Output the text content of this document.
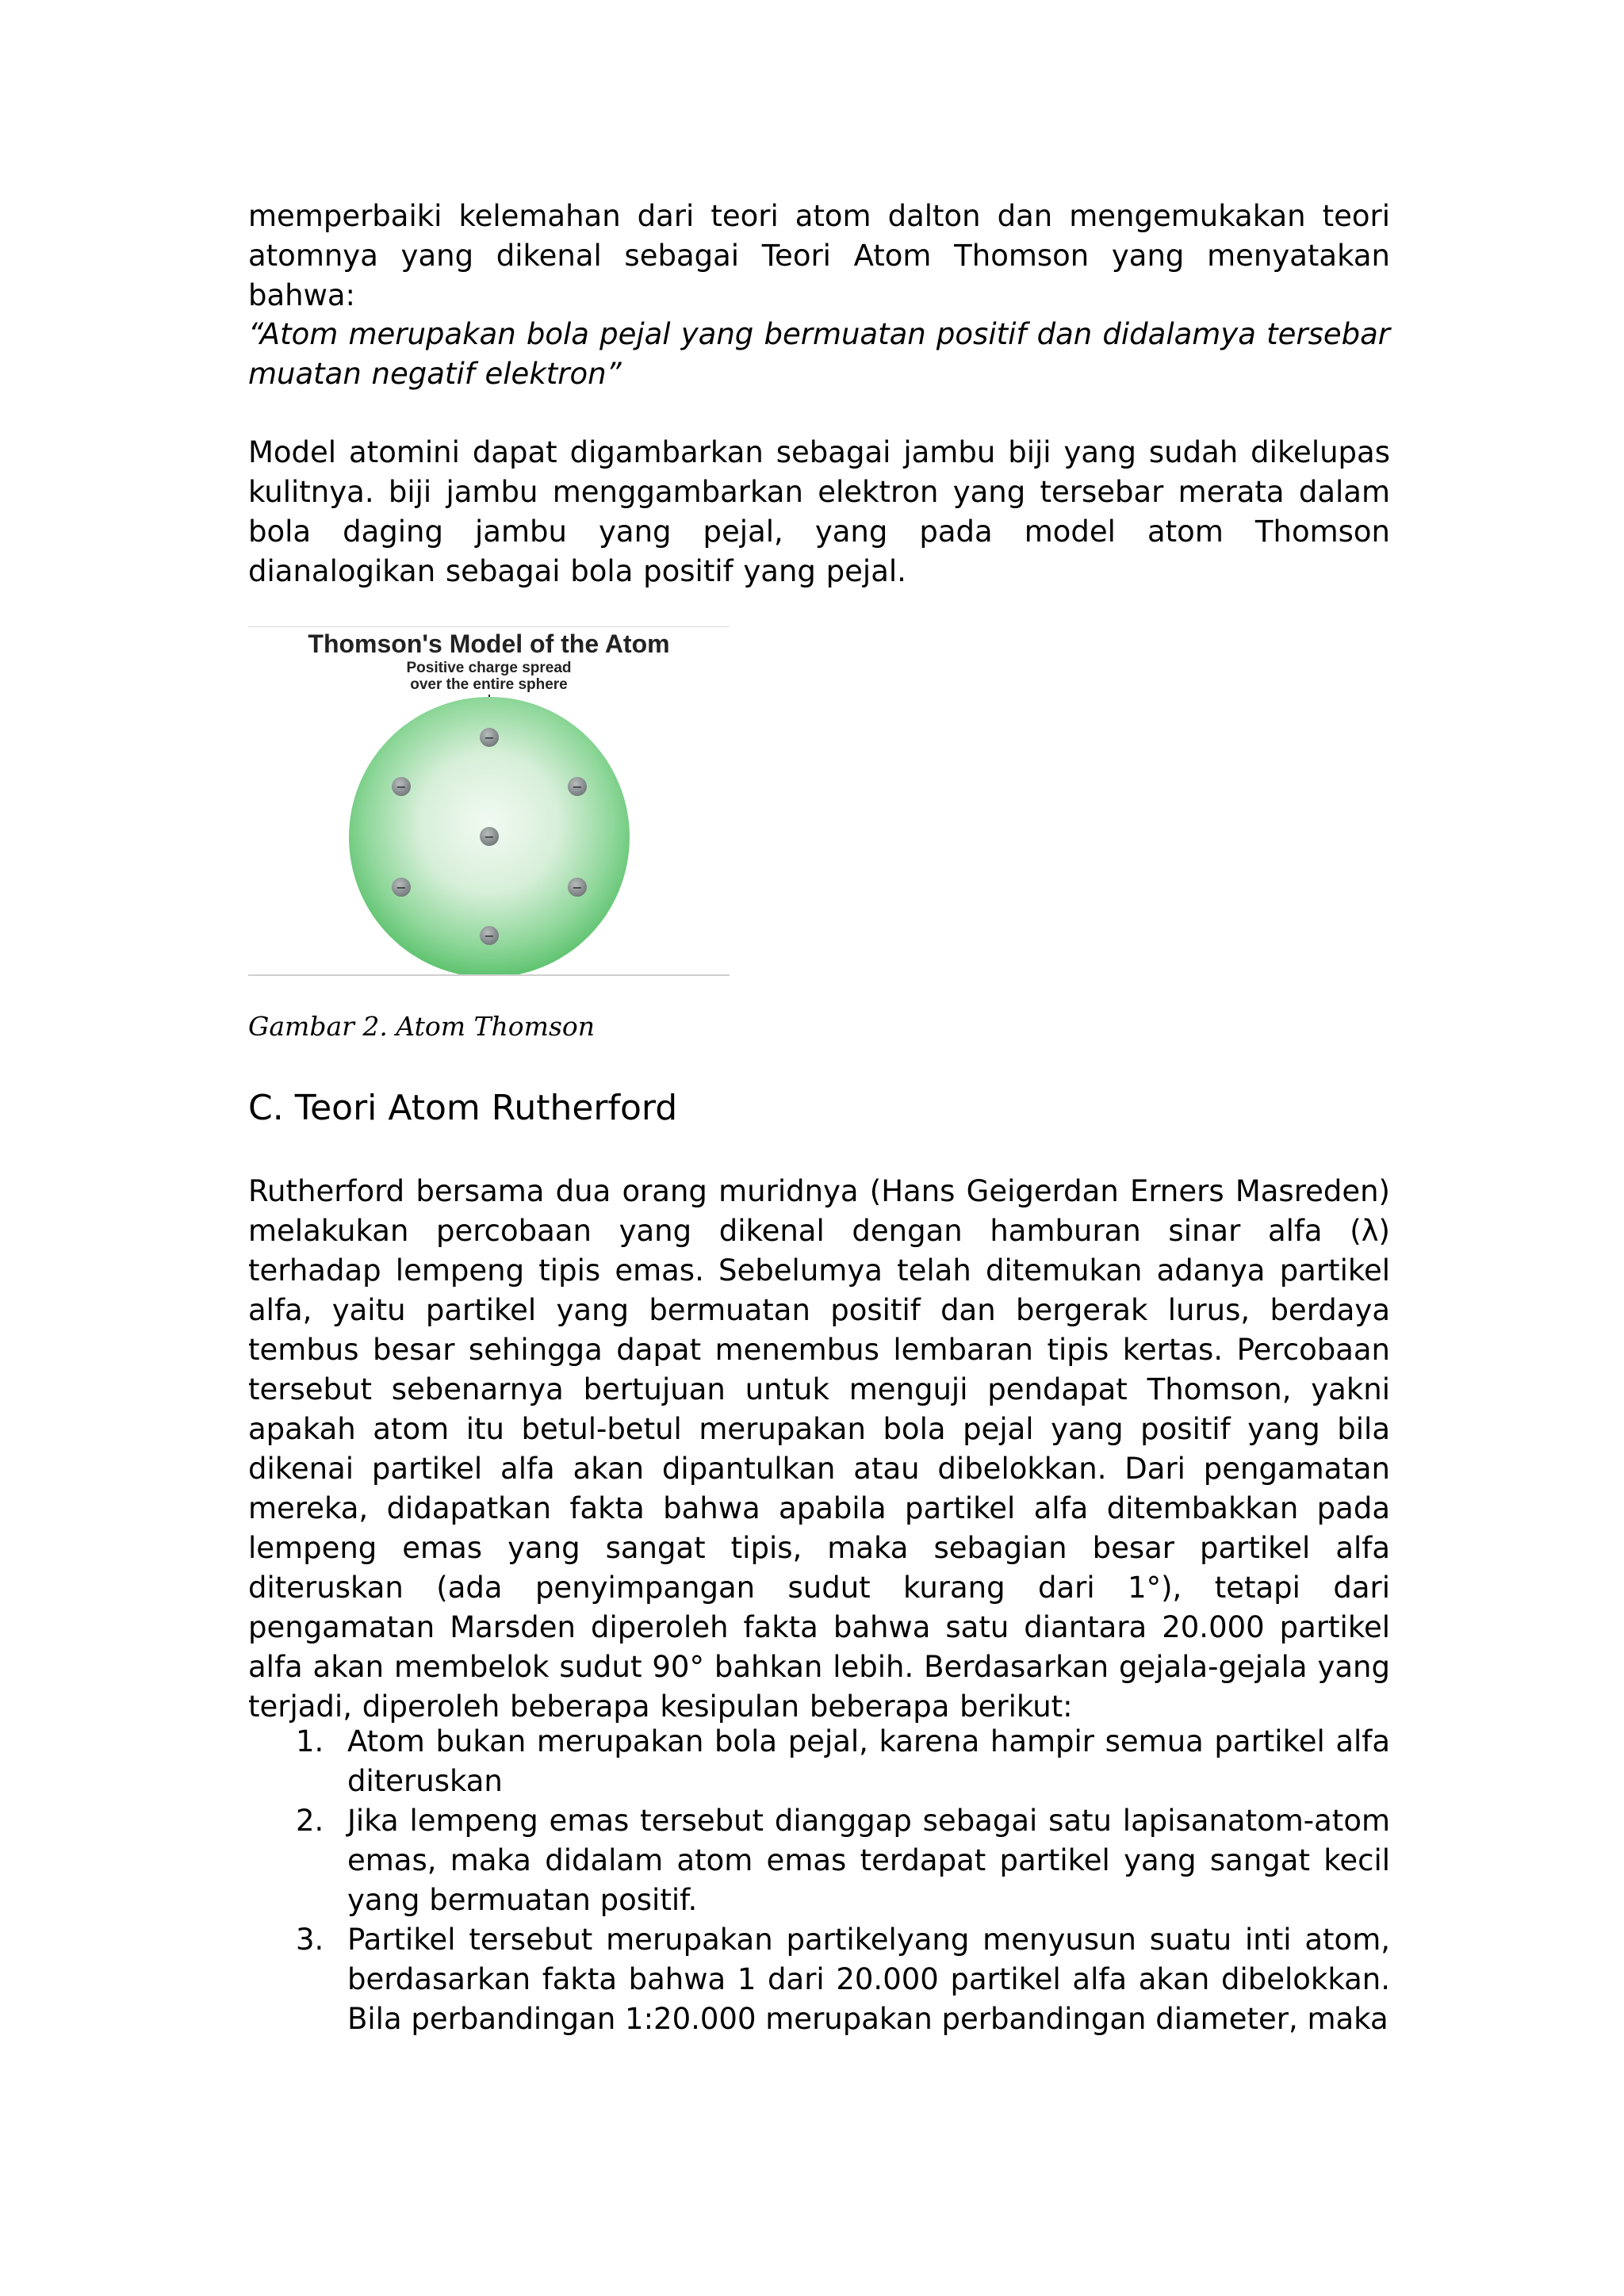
memperbaiki kelemahan dari teori atom dalton dan mengemukakan teori atomnya yang dikenal sebagai Teori Atom Thomson yang menyatakan bahwa:

“Atom merupakan bola pejal yang bermuatan positif dan didalamya tersebar muatan negatif elektron”

Model atomini dapat digambarkan sebagai jambu biji yang sudah dikelupas kulitnya. biji jambu menggambarkan elektron yang tersebar merata dalam bola daging jambu yang pejal, yang pada model atom Thomson dianalogikan sebagai bola positif yang pejal.

Thomson's Model of the Atom
Positive charge spread
over the entire sphere
−
−	−
−
−	−
−
Gambar 2. Atom Thomson
C. Teori Atom Rutherford

Rutherford bersama dua orang muridnya (Hans Geigerdan Erners Masreden) melakukan percobaan yang dikenal dengan hamburan sinar alfa (λ) terhadap lempeng tipis emas. Sebelumya telah ditemukan adanya partikel alfa, yaitu partikel yang bermuatan positif dan bergerak lurus, berdaya tembus besar sehingga dapat menembus lembaran tipis kertas. Percobaan tersebut sebenarnya bertujuan untuk menguji pendapat Thomson, yakni apakah atom itu betul-betul merupakan bola pejal yang positif yang bila dikenai partikel alfa akan dipantulkan atau dibelokkan. Dari pengamatan mereka, didapatkan fakta bahwa apabila partikel alfa ditembakkan pada lempeng emas yang sangat tipis, maka sebagian besar partikel alfa diteruskan (ada penyimpangan sudut kurang dari 1°), tetapi dari pengamatan Marsden diperoleh fakta bahwa satu diantara 20.000 partikel alfa akan membelok sudut 90° bahkan lebih. Berdasarkan gejala-gejala yang terjadi, diperoleh beberapa kesipulan beberapa berikut:

1. Atom bukan merupakan bola pejal, karena hampir semua partikel alfa diteruskan
2. Jika lempeng emas tersebut dianggap sebagai satu lapisanatom-atom emas, maka didalam atom emas terdapat partikel yang sangat kecil yang bermuatan positif.
3. Partikel tersebut merupakan partikelyang menyusun suatu inti atom, berdasarkan fakta bahwa 1 dari 20.000 partikel alfa akan dibelokkan. Bila perbandingan 1:20.000 merupakan perbandingan diameter, maka
